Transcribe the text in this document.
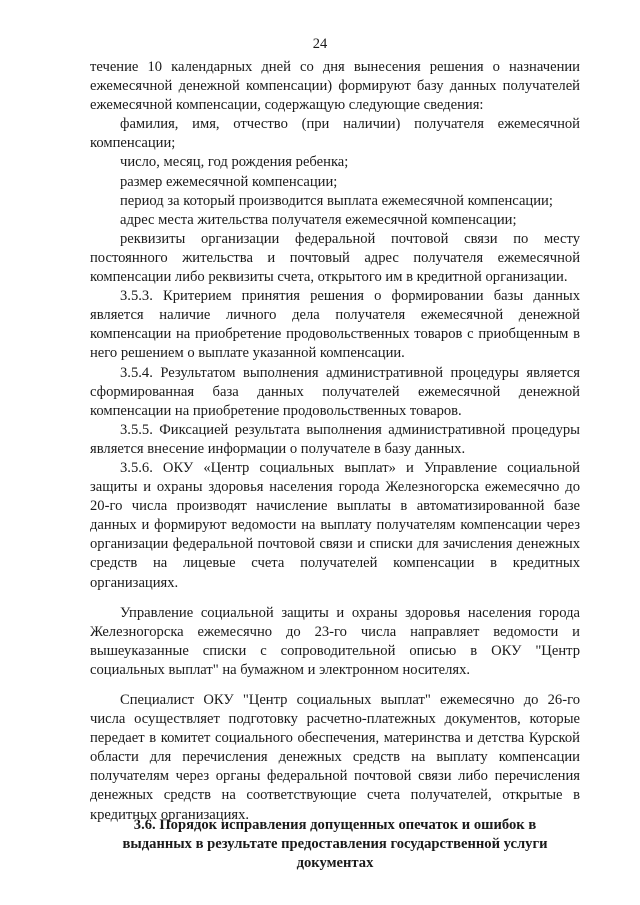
24

течение 10 календарных дней со дня вынесения решения о назначении ежемесячной денежной компенсации) формируют базу данных получателей ежемесячной компенсации, содержащую следующие сведения:

фамилия, имя, отчество (при наличии) получателя ежемесячной компенсации;

число, месяц, год рождения ребенка;

размер ежемесячной компенсации;

период за который производится выплата ежемесячной компенсации;

адрес места жительства получателя ежемесячной компенсации;

реквизиты организации федеральной почтовой связи по месту постоянного жительства и почтовый адрес получателя ежемесячной компенсации либо реквизиты счета, открытого им в кредитной организации.

3.5.3. Критерием принятия решения о формировании базы данных является наличие личного дела получателя ежемесячной денежной компенсации на приобретение продовольственных товаров с приобщенным в него решением о выплате указанной компенсации.

3.5.4. Результатом выполнения административной процедуры является сформированная база данных получателей ежемесячной денежной компенсации на приобретение продовольственных товаров.

3.5.5. Фиксацией результата выполнения административной процедуры является внесение информации о получателе в базу данных.

3.5.6. ОКУ «Центр социальных выплат» и Управление социальной защиты и охраны здоровья населения города Железногорска ежемесячно до 20-го числа производят начисление выплаты в автоматизированной базе данных и формируют ведомости на выплату получателям компенсации через организации федеральной почтовой связи и списки для зачисления денежных средств на лицевые счета получателей компенсации в кредитных организациях.

Управление социальной защиты и охраны здоровья населения города Железногорска ежемесячно до 23-го числа направляет ведомости и вышеуказанные списки с сопроводительной описью в ОКУ "Центр социальных выплат" на бумажном и электронном носителях.

Специалист ОКУ "Центр социальных выплат" ежемесячно до 26-го числа осуществляет подготовку расчетно-платежных документов, которые передает в комитет социального обеспечения, материнства и детства Курской области для перечисления денежных средств на выплату компенсации получателям через органы федеральной почтовой связи либо перечисления денежных средств на соответствующие счета получателей, открытые в кредитных организациях.

3.6. Порядок исправления допущенных опечаток и ошибок в выданных в результате предоставления государственной услуги документах
